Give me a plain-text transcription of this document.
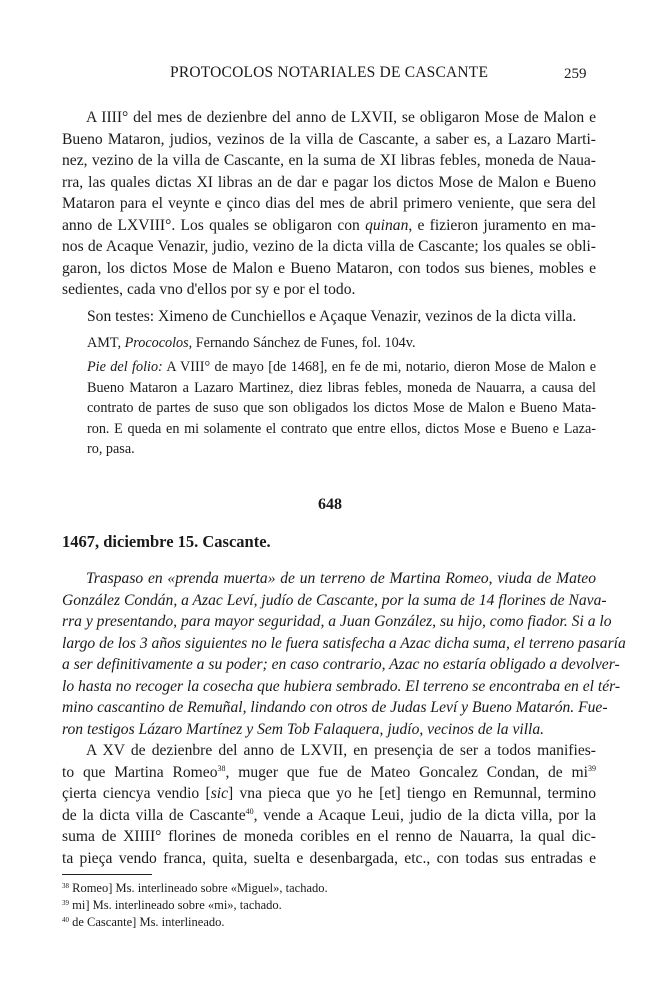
PROTOCOLOS NOTARIALES DE CASCANTE	259
A IIII° del mes de dezienbre del anno de LXVII, se obligaron Mose de Malon e
Bueno Mataron, judios, vezinos de la villa de Cascante, a saber es, a Lazaro Marti-
nez, vezino de la villa de Cascante, en la suma de XI libras febles, moneda de Naua-
rra, las quales dictas XI libras an de dar e pagar los dictos Mose de Malon e Bueno
Mataron para el veynte e çinco dias del mes de abril primero veniente, que sera del
anno de LXVIII°. Los quales se obligaron con quinan, e fizieron juramento en ma-
nos de Acaque Venazir, judio, vezino de la dicta villa de Cascante; los quales se obli-
garon, los dictos Mose de Malon e Bueno Mataron, con todos sus bienes, mobles e
sedientes, cada vno d'ellos por sy e por el todo.
Son testes: Ximeno de Cunchiellos e Açaque Venazir, vezinos de la dicta villa.
AMT, Prococolos, Fernando Sánchez de Funes, fol. 104v.
Pie del folio: A VIII° de mayo [de 1468], en fe de mi, notario, dieron Mose de Malon e
Bueno Mataron a Lazaro Martinez, diez libras febles, moneda de Nauarra, a causa del
contrato de partes de suso que son obligados los dictos Mose de Malon e Bueno Mata-
ron. E queda en mi solamente el contrato que entre ellos, dictos Mose e Bueno e Laza-
ro, pasa.
648
1467, diciembre 15. Cascante.
Traspaso en «prenda muerta» de un terreno de Martina Romeo, viuda de Mateo
González Condán, a Azac Leví, judío de Cascante, por la suma de 14 florines de Nava-
rra y presentando, para mayor seguridad, a Juan González, su hijo, como fiador. Si a lo
largo de los 3 años siguientes no le fuera satisfecha a Azac dicha suma, el terreno pasaría
a ser definitivamente a su poder; en caso contrario, Azac no estaría obligado a devolver-
lo hasta no recoger la cosecha que hubiera sembrado. El terreno se encontraba en el tér-
mino cascantino de Remuñal, lindando con otros de Judas Leví y Bueno Matarón. Fue-
ron testigos Lázaro Martínez y Sem Tob Falaquera, judío, vecinos de la villa.
A XV de dezienbre del anno de LXVII, en presençia de ser a todos manifies-
to que Martina Romeo$^{38}$, muger que fue de Mateo Goncalez Condan, de $mi^{39}$
çierta ciencya vendio [sic] vna pieca que yo he [et] tiengo en Remunnal, termino
de la dicta villa de Cascante$^{40}$, vende a Acaque Leui, judio de la dicta villa, por la
suma de XIIII° florines de moneda coribles en el renno de Nauarra, la qual dic-
ta pieça vendo franca, quita, suelta e desenbargada, etc., con todas sus entradas e
$^{38}$ Romeo] Ms. interlineado sobre «Miguel», tachado.
$^{39}$ mi] Ms. interlineado sobre «mi», tachado.
$^{40}$ de Cascante] Ms. interlineado.
